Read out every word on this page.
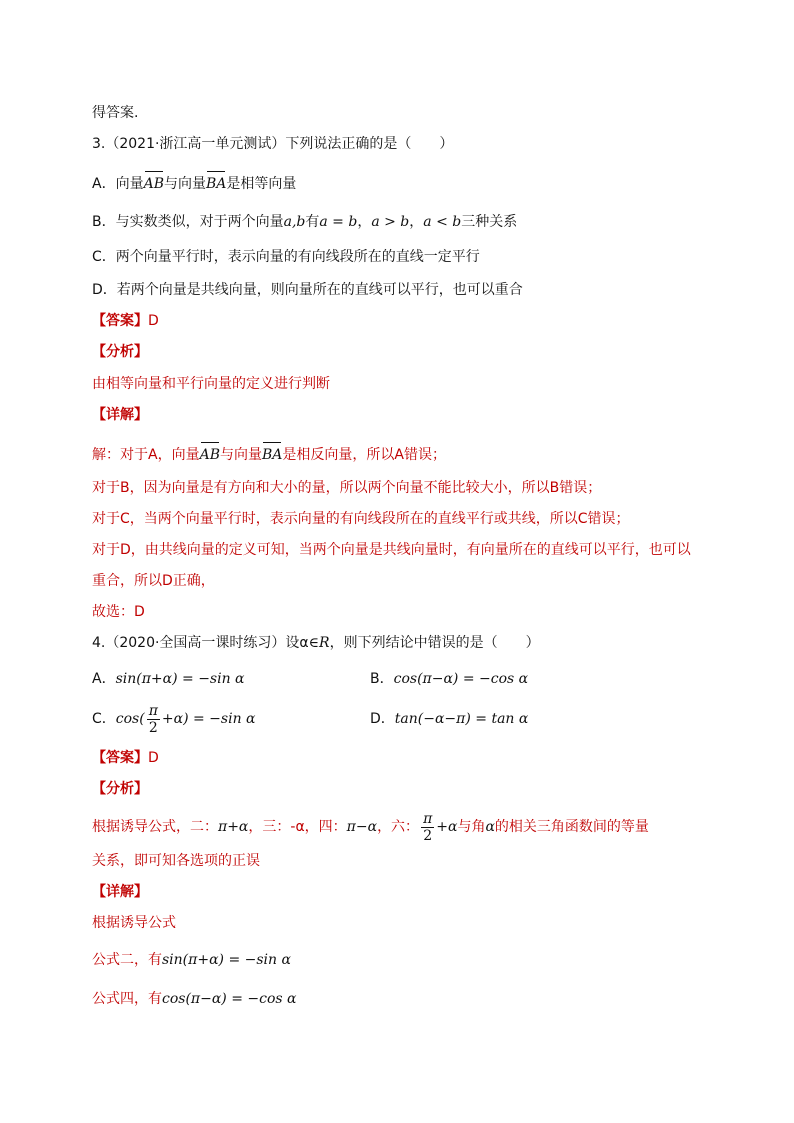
得答案.
3.（2021·浙江高一单元测试）下列说法正确的是（　　）
A．向量AB与向量BA是相等向量
B．与实数类似，对于两个向量a,b有a = b，a > b，a < b三种关系
C．两个向量平行时，表示向量的有向线段所在的直线一定平行
D．若两个向量是共线向量，则向量所在的直线可以平行，也可以重合
【答案】D
【分析】
由相等向量和平行向量的定义进行判断
【详解】
解：对于A，向量AB与向量BA是相反向量，所以A错误；
对于B，因为向量是有方向和大小的量，所以两个向量不能比较大小，所以B错误；
对于C，当两个向量平行时，表示向量的有向线段所在的直线平行或共线，所以C错误；
对于D，由共线向量的定义可知，当两个向量是共线向量时，有向量所在的直线可以平行，也可以
重合，所以D正确，
故选：D
4.（2020·全国高一课时练习）设α∈R，则下列结论中错误的是（　　）
A．sin(π+α) = −sin α	B．cos(π−α) = −cos α
C．$\cos( \frac{\pi}{2} +\alpha) = -\sin$ α	D．tan(−α−π) = tan α
【答案】D
【分析】
根据诱导公式，二：π+α，三：-α，四：π−α，六： $\frac{\pi}{2} +\alpha$与角α的相关三角函数间的等量
关系，即可知各选项的正误
【详解】
根据诱导公式
公式二，有sin(π+α) = −sin α
公式四，有cos(π−α) = −cos α
